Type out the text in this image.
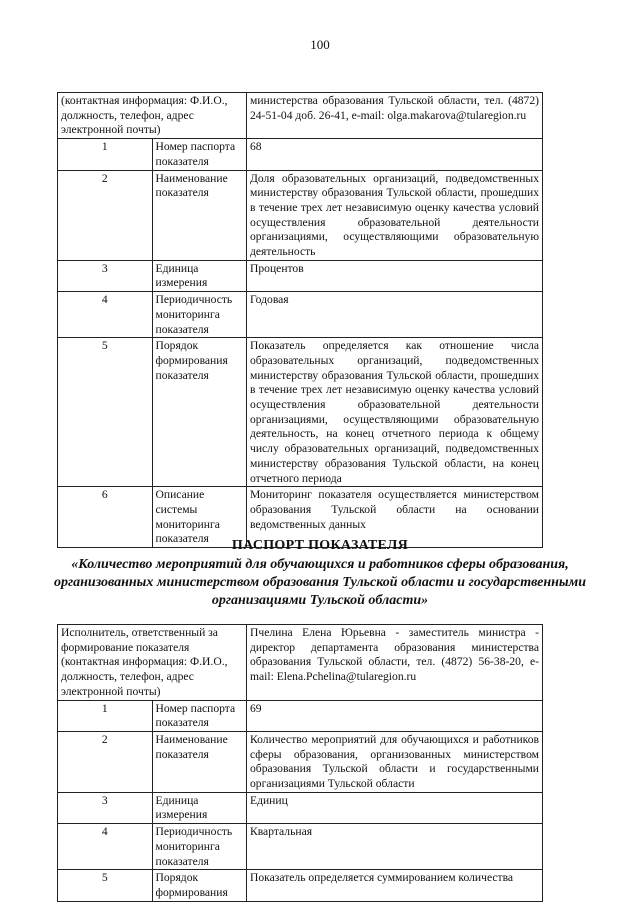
100
(контактная информация: Ф.И.О., должность, телефон, адрес электронной почты)		министерства образования Тульской области, тел. (4872) 24-51-04 доб. 26-41, e-mail: olga.makarova@tularegion.ru
1	Номер паспорта показателя	68
2	Наименование показателя	Доля образовательных организаций, подведомственных министерству образования Тульской области, прошедших в течение трех лет независимую оценку качества условий осуществления образовательной деятельности организациями, осуществляющими образовательную деятельность
3	Единица измерения	Процентов
4	Периодичность мониторинга показателя	Годовая
5	Порядок формирования показателя	Показатель определяется как отношение числа образовательных организаций, подведомственных министерству образования Тульской области, прошедших в течение трех лет независимую оценку качества условий осуществления образовательной деятельности организациями, осуществляющими образовательную деятельность, на конец отчетного периода к общему числу образовательных организаций, подведомственных министерству образования Тульской области, на конец отчетного периода
6	Описание системы мониторинга показателя	Мониторинг показателя осуществляется министерством образования Тульской области на основании ведомственных данных
ПАСПОРТ ПОКАЗАТЕЛЯ
«Количество мероприятий для обучающихся и работников сферы образования, организованных министерством образования Тульской области и государственными организациями Тульской области»
Исполнитель, ответственный за формирование показателя (контактная информация: Ф.И.О., должность, телефон, адрес электронной почты)		Пчелина Елена Юрьевна - заместитель министра - директор департамента образования министерства образования Тульской области, тел. (4872) 56-38-20, e-mail: Elena.Pchelina@tularegion.ru
1	Номер паспорта показателя	69
2	Наименование показателя	Количество мероприятий для обучающихся и работников сферы образования, организованных министерством образования Тульской области и государственными организациями Тульской области
3	Единица измерения	Единиц
4	Периодичность мониторинга показателя	Квартальная
5	Порядок формирования	Показатель определяется суммированием количества
